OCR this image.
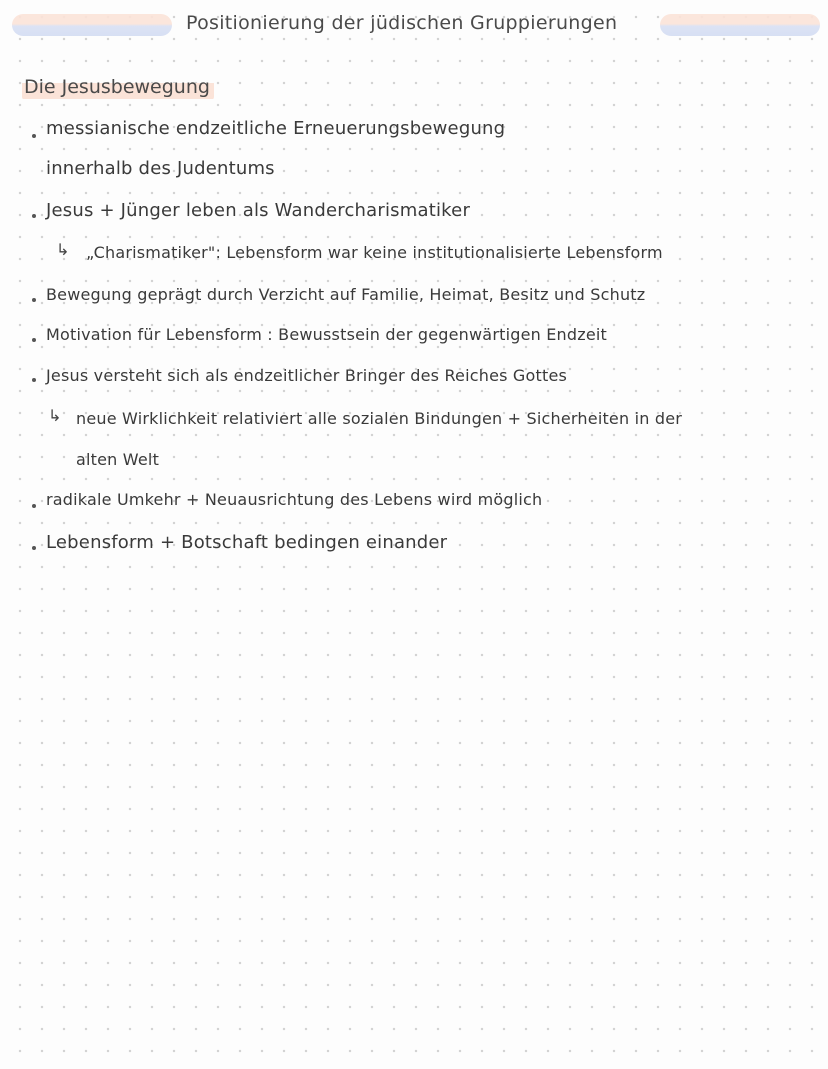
Positionierung der jüdischen Gruppierungen
Die Jesusbewegung
messianische endzeitliche Erneuerungsbewegung
innerhalb des Judentums
Jesus + Jünger leben als Wandercharismatiker
↳ „Charismatiker": Lebensform war keine institutionalisierte Lebensform
Bewegung geprägt durch Verzicht auf Familie, Heimat, Besitz und Schutz
Motivation für Lebensform : Bewusstsein der gegenwärtigen Endzeit
Jesus versteht sich als endzeitlicher Bringer des Reiches Gottes
↳ neue Wirklichkeit relativiert alle sozialen Bindungen + Sicherheiten in der
alten Welt
radikale Umkehr + Neuausrichtung des Lebens wird möglich
Lebensform + Botschaft bedingen einander
